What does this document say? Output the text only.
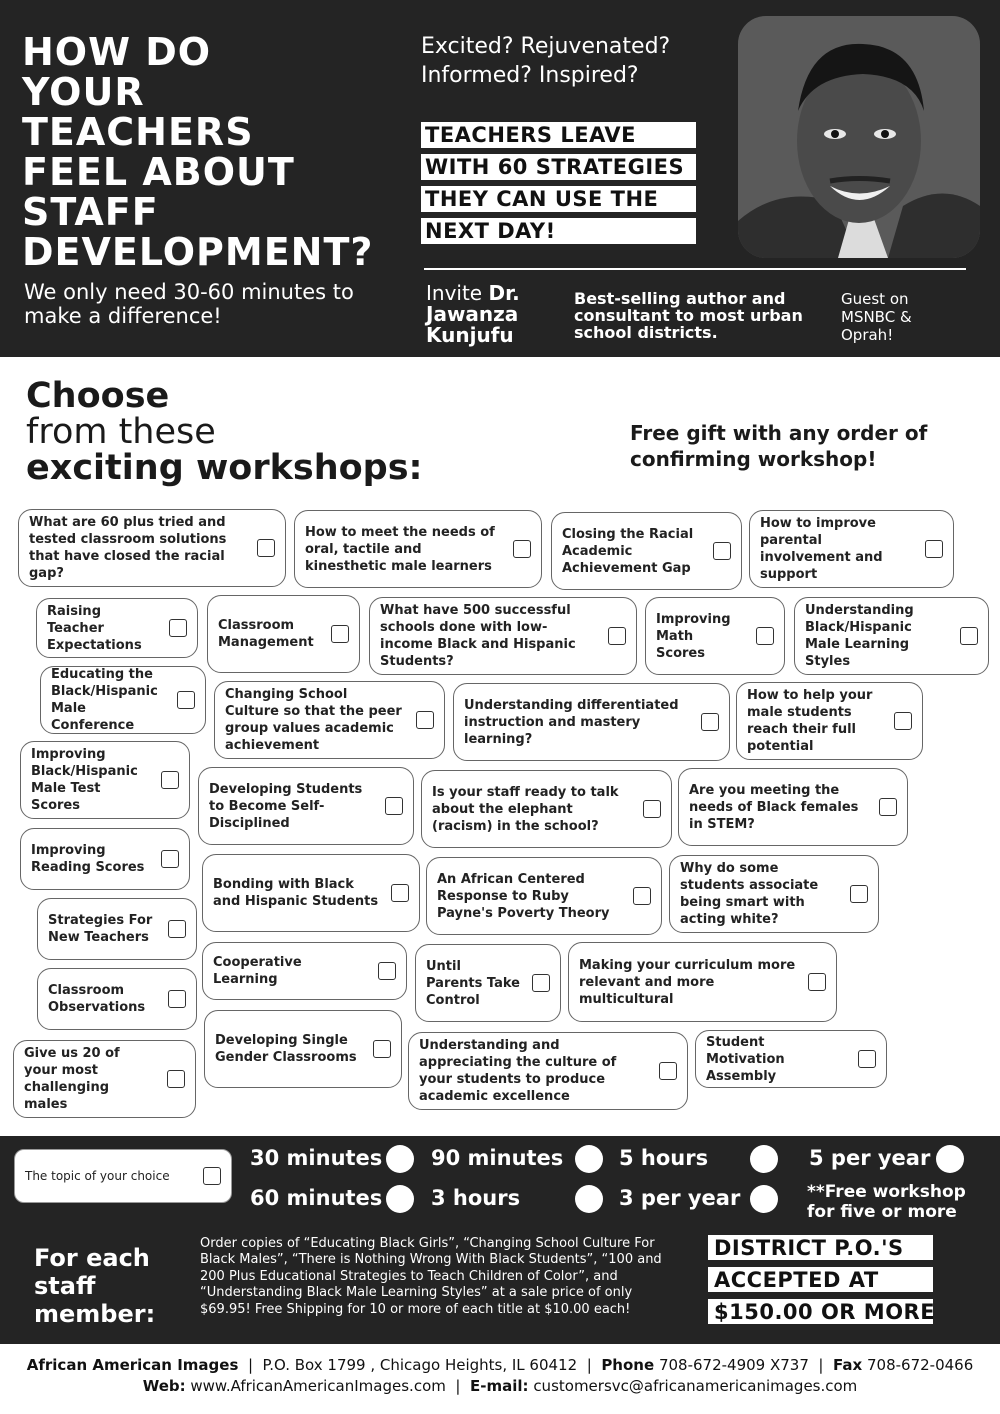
HOW DO
YOUR
TEACHERS
FEEL ABOUT
STAFF
DEVELOPMENT?
We only need 30-60 minutes to make a difference!
Excited? Rejuvenated?
Informed? Inspired?
TEACHERS LEAVE
WITH 60 STRATEGIES
THEY CAN USE THE
NEXT DAY!
Invite Dr.
Jawanza
Kunjufu
Best-selling author and consultant to most urban school districts.
Guest on
MSNBC &
Oprah!
Choose
from these
exciting workshops:
Free gift with any order of confirming workshop!
What are 60 plus tried and tested classroom solutions that have closed the racial gap?
How to meet the needs of oral, tactile and kinesthetic male learners
Closing the Racial Academic Achievement Gap
How to improve parental involvement and support
Raising Teacher Expectations
Classroom Management
What have 500 successful schools done with low-income Black and Hispanic Students?
Improving Math Scores
Understanding Black/Hispanic Male Learning Styles
Educating the Black/Hispanic Male Conference
Changing School Culture so that the peer group values academic achievement
Understanding differentiated instruction and mastery learning?
How to help your male students reach their full potential
Improving Black/Hispanic Male Test Scores
Developing Students to Become Self-Disciplined
Is your staff ready to talk about the elephant (racism) in the school?
Are you meeting the needs of Black females in STEM?
Improving Reading Scores
Bonding with Black and Hispanic Students
An African Centered Response to Ruby Payne's Poverty Theory
Why do some students associate being smart with acting white?
Strategies For New Teachers
Cooperative Learning
Until Parents Take Control
Making your curriculum more relevant and more multicultural
Classroom Observations
Developing Single Gender Classrooms
Give us 20 of your most challenging males
Understanding and appreciating the culture of your students to produce academic excellence
Student Motivation Assembly
The topic of your choice
30 minutes 90 minutes	5 hours	5 per year
60 minutes 3 hours	3 per year	**Free workshop for five or more
For each
staff
member:
Order copies of “Educating Black Girls”, “Changing School Culture For Black Males”, “There is Nothing Wrong With Black Students”, “100 and 200 Plus Educational Strategies to Teach Children of Color”, and “Understanding Black Male Learning Styles” at a sale price of only $69.95! Free Shipping for 10 or more of each title at $10.00 each!
DISTRICT P.O.'S
ACCEPTED AT
$150.00 OR MORE
African American Images  |  P.O. Box 1799 , Chicago Heights, IL 60412  |  Phone 708-672-4909 X737  |  Fax 708-672-0466
Web: www.AfricanAmericanImages.com  |  E-mail: customersvc@africanamericanimages.com
